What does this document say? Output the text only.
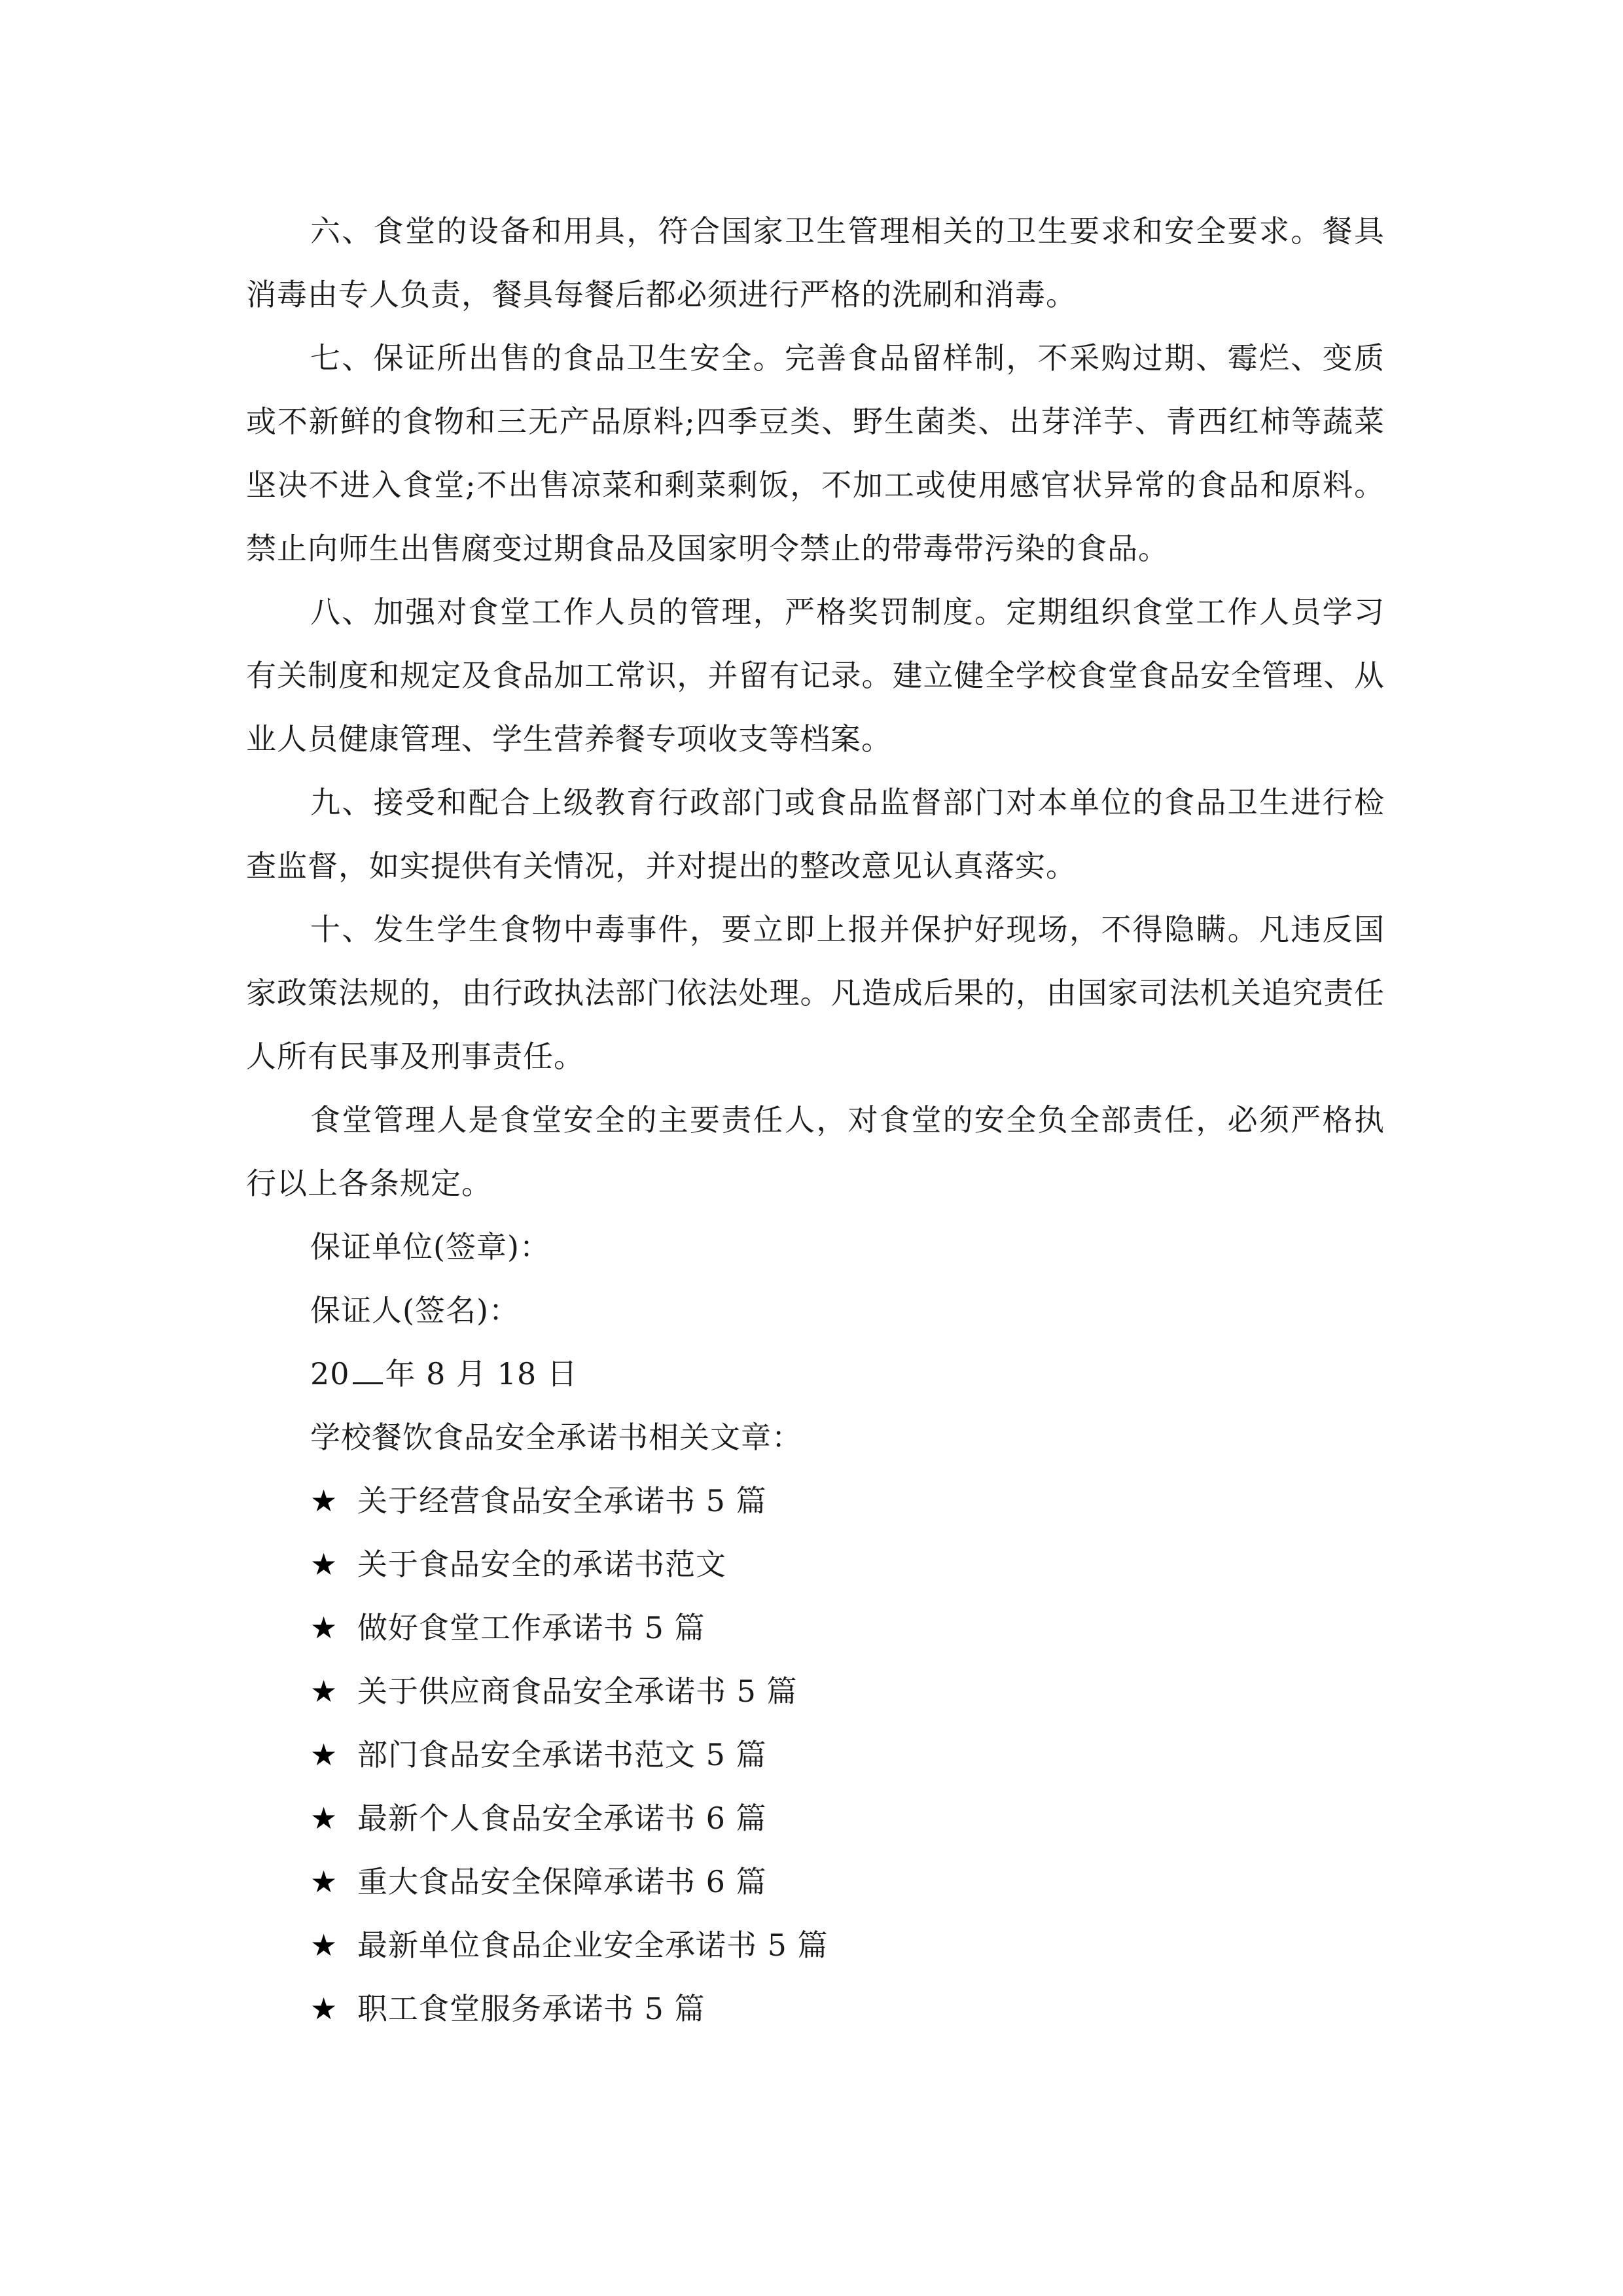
六、食堂的设备和用具，符合国家卫生管理相关的卫生要求和安全要求。餐具消毒由专人负责，餐具每餐后都必须进行严格的洗刷和消毒。

七、保证所出售的食品卫生安全。完善食品留样制，不采购过期、霉烂、变质或不新鲜的食物和三无产品原料;四季豆类、野生菌类、出芽洋芋、青西红柿等蔬菜坚决不进入食堂;不出售凉菜和剩菜剩饭，不加工或使用感官状异常的食品和原料。禁止向师生出售腐变过期食品及国家明令禁止的带毒带污染的食品。

八、加强对食堂工作人员的管理，严格奖罚制度。定期组织食堂工作人员学习有关制度和规定及食品加工常识，并留有记录。建立健全学校食堂食品安全管理、从业人员健康管理、学生营养餐专项收支等档案。

九、接受和配合上级教育行政部门或食品监督部门对本单位的食品卫生进行检查监督，如实提供有关情况，并对提出的整改意见认真落实。

十、发生学生食物中毒事件，要立即上报并保护好现场，不得隐瞒。凡违反国家政策法规的，由行政执法部门依法处理。凡造成后果的，由国家司法机关追究责任人所有民事及刑事责任。

食堂管理人是食堂安全的主要责任人，对食堂的安全负全部责任，必须严格执行以上各条规定。

保证单位(签章)：

保证人(签名)：

20 年 8 月 18 日

学校餐饮食品安全承诺书相关文章：

★ 关于经营食品安全承诺书 5 篇
★ 关于食品安全的承诺书范文
★ 做好食堂工作承诺书 5 篇
★ 关于供应商食品安全承诺书 5 篇
★ 部门食品安全承诺书范文 5 篇
★ 最新个人食品安全承诺书 6 篇
★ 重大食品安全保障承诺书 6 篇
★ 最新单位食品企业安全承诺书 5 篇
★ 职工食堂服务承诺书 5 篇
